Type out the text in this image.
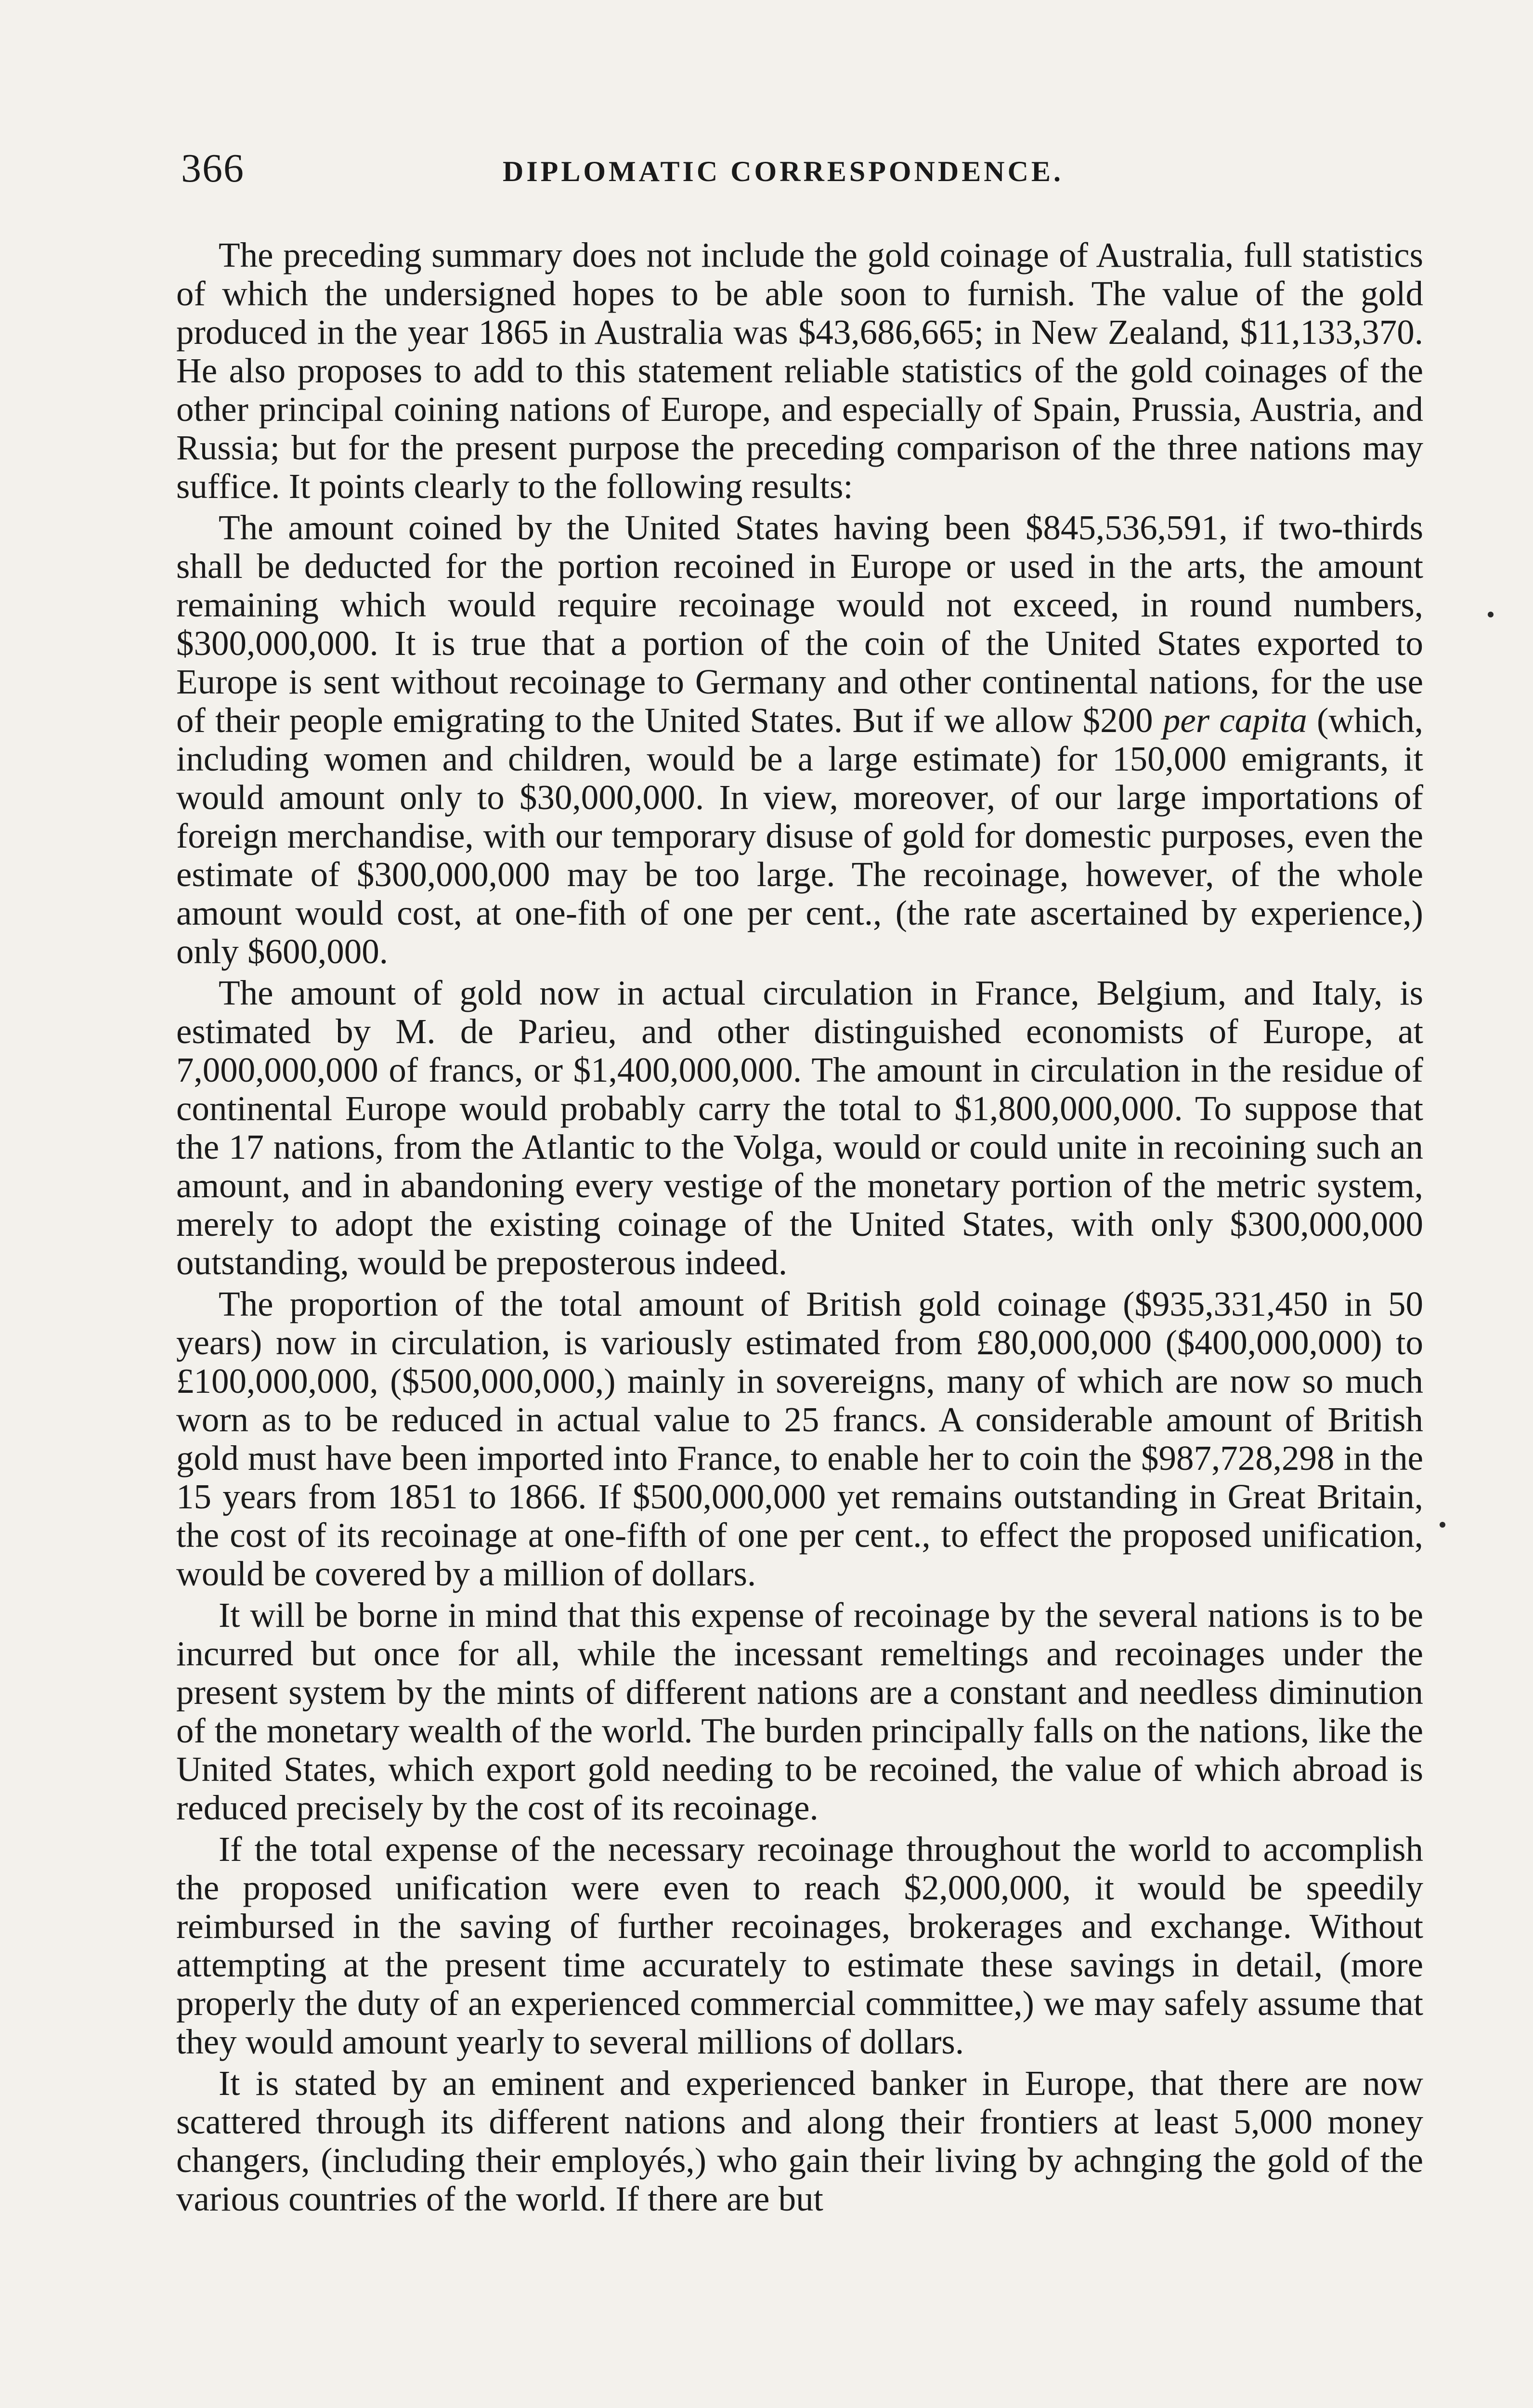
366	DIPLOMATIC CORRESPONDENCE.

The preceding summary does not include the gold coinage of Australia, full statistics of which the undersigned hopes to be able soon to furnish. The value of the gold produced in the year 1865 in Australia was $43,686,665; in New Zealand, $11,133,370. He also proposes to add to this statement reliable statistics of the gold coinages of the other principal coining nations of Europe, and especially of Spain, Prussia, Austria, and Russia; but for the present purpose the preceding comparison of the three nations may suffice. It points clearly to the following results:

The amount coined by the United States having been $845,536,591, if two-thirds shall be deducted for the portion recoined in Europe or used in the arts, the amount remaining which would require recoinage would not exceed, in round numbers, $300,000,000. It is true that a portion of the coin of the United States exported to Europe is sent without recoinage to Germany and other continental nations, for the use of their people emigrating to the United States. But if we allow $200 per capita (which, including women and children, would be a large estimate) for 150,000 emigrants, it would amount only to $30,000,000. In view, moreover, of our large importations of foreign merchandise, with our temporary disuse of gold for domestic purposes, even the estimate of $300,000,000 may be too large. The recoinage, however, of the whole amount would cost, at one-fith of one per cent., (the rate ascertained by experience,) only $600,000.

The amount of gold now in actual circulation in France, Belgium, and Italy, is estimated by M. de Parieu, and other distinguished economists of Europe, at 7,000,000,000 of francs, or $1,400,000,000. The amount in circulation in the residue of continental Europe would probably carry the total to $1,800,000,000. To suppose that the 17 nations, from the Atlantic to the Volga, would or could unite in recoining such an amount, and in abandoning every vestige of the monetary portion of the metric system, merely to adopt the existing coinage of the United States, with only $300,000,000 outstanding, would be preposterous indeed.

The proportion of the total amount of British gold coinage ($935,331,450 in 50 years) now in circulation, is variously estimated from £80,000,000 ($400,000,000) to £100,000,000, ($500,000,000,) mainly in sovereigns, many of which are now so much worn as to be reduced in actual value to 25 francs. A considerable amount of British gold must have been imported into France, to enable her to coin the $987,728,298 in the 15 years from 1851 to 1866. If $500,000,000 yet remains outstanding in Great Britain, the cost of its recoinage at one-fifth of one per cent., to effect the proposed unification, would be covered by a million of dollars.

It will be borne in mind that this expense of recoinage by the several nations is to be incurred but once for all, while the incessant remeltings and recoinages under the present system by the mints of different nations are a constant and needless diminution of the monetary wealth of the world. The burden principally falls on the nations, like the United States, which export gold needing to be recoined, the value of which abroad is reduced precisely by the cost of its recoinage.

If the total expense of the necessary recoinage throughout the world to accomplish the proposed unification were even to reach $2,000,000, it would be speedily reimbursed in the saving of further recoinages, brokerages and exchange. Without attempting at the present time accurately to estimate these savings in detail, (more properly the duty of an experienced commercial committee,) we may safely assume that they would amount yearly to several millions of dollars.

It is stated by an eminent and experienced banker in Europe, that there are now scattered through its different nations and along their frontiers at least 5,000 money changers, (including their employés,) who gain their living by achnging the gold of the various countries of the world. If there are but
